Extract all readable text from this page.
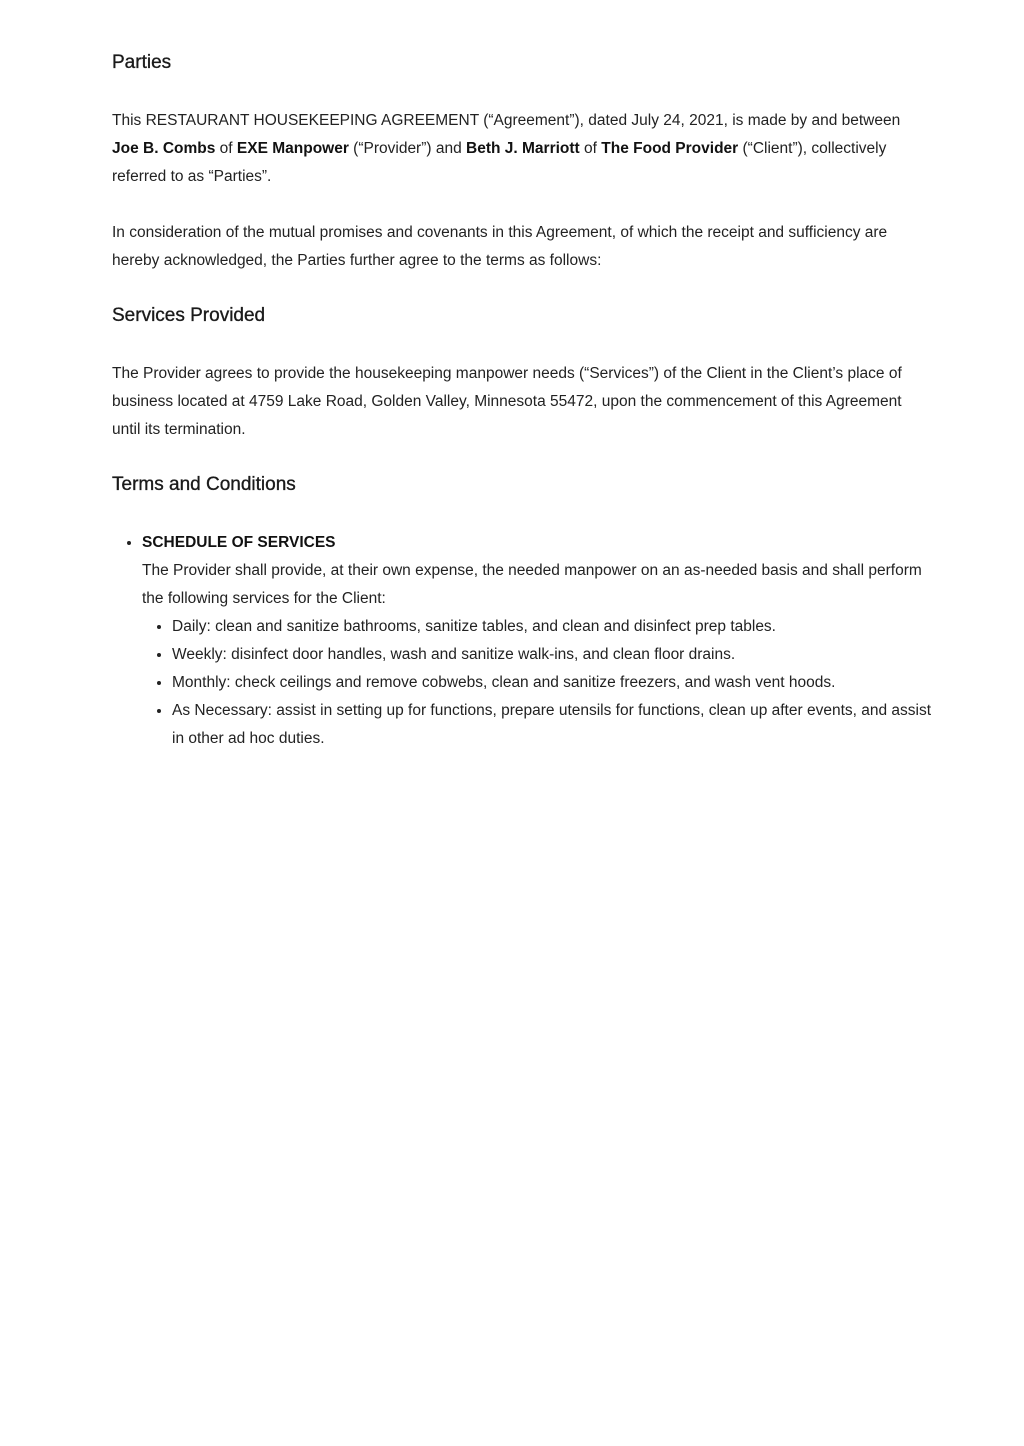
Parties

This RESTAURANT HOUSEKEEPING AGREEMENT (“Agreement”), dated July 24, 2021, is made by and between Joe B. Combs of EXE Manpower (“Provider”) and Beth J. Marriott of The Food Provider (“Client”), collectively referred to as “Parties”.

In consideration of the mutual promises and covenants in this Agreement, of which the receipt and sufficiency are hereby acknowledged, the Parties further agree to the terms as follows:

Services Provided

The Provider agrees to provide the housekeeping manpower needs (“Services”) of the Client in the Client’s place of business located at 4759 Lake Road, Golden Valley, Minnesota 55472, upon the commencement of this Agreement until its termination.

Terms and Conditions
• SCHEDULE OF SERVICES
The Provider shall provide, at their own expense, the needed manpower on an as-needed basis and shall perform the following services for the Client:
• Daily: clean and sanitize bathrooms, sanitize tables, and clean and disinfect prep tables.
• Weekly: disinfect door handles, wash and sanitize walk-ins, and clean floor drains.
• Monthly: check ceilings and remove cobwebs, clean and sanitize freezers, and wash vent hoods.
• As Necessary: assist in setting up for functions, prepare utensils for functions, clean up after events, and assist in other ad hoc duties.
